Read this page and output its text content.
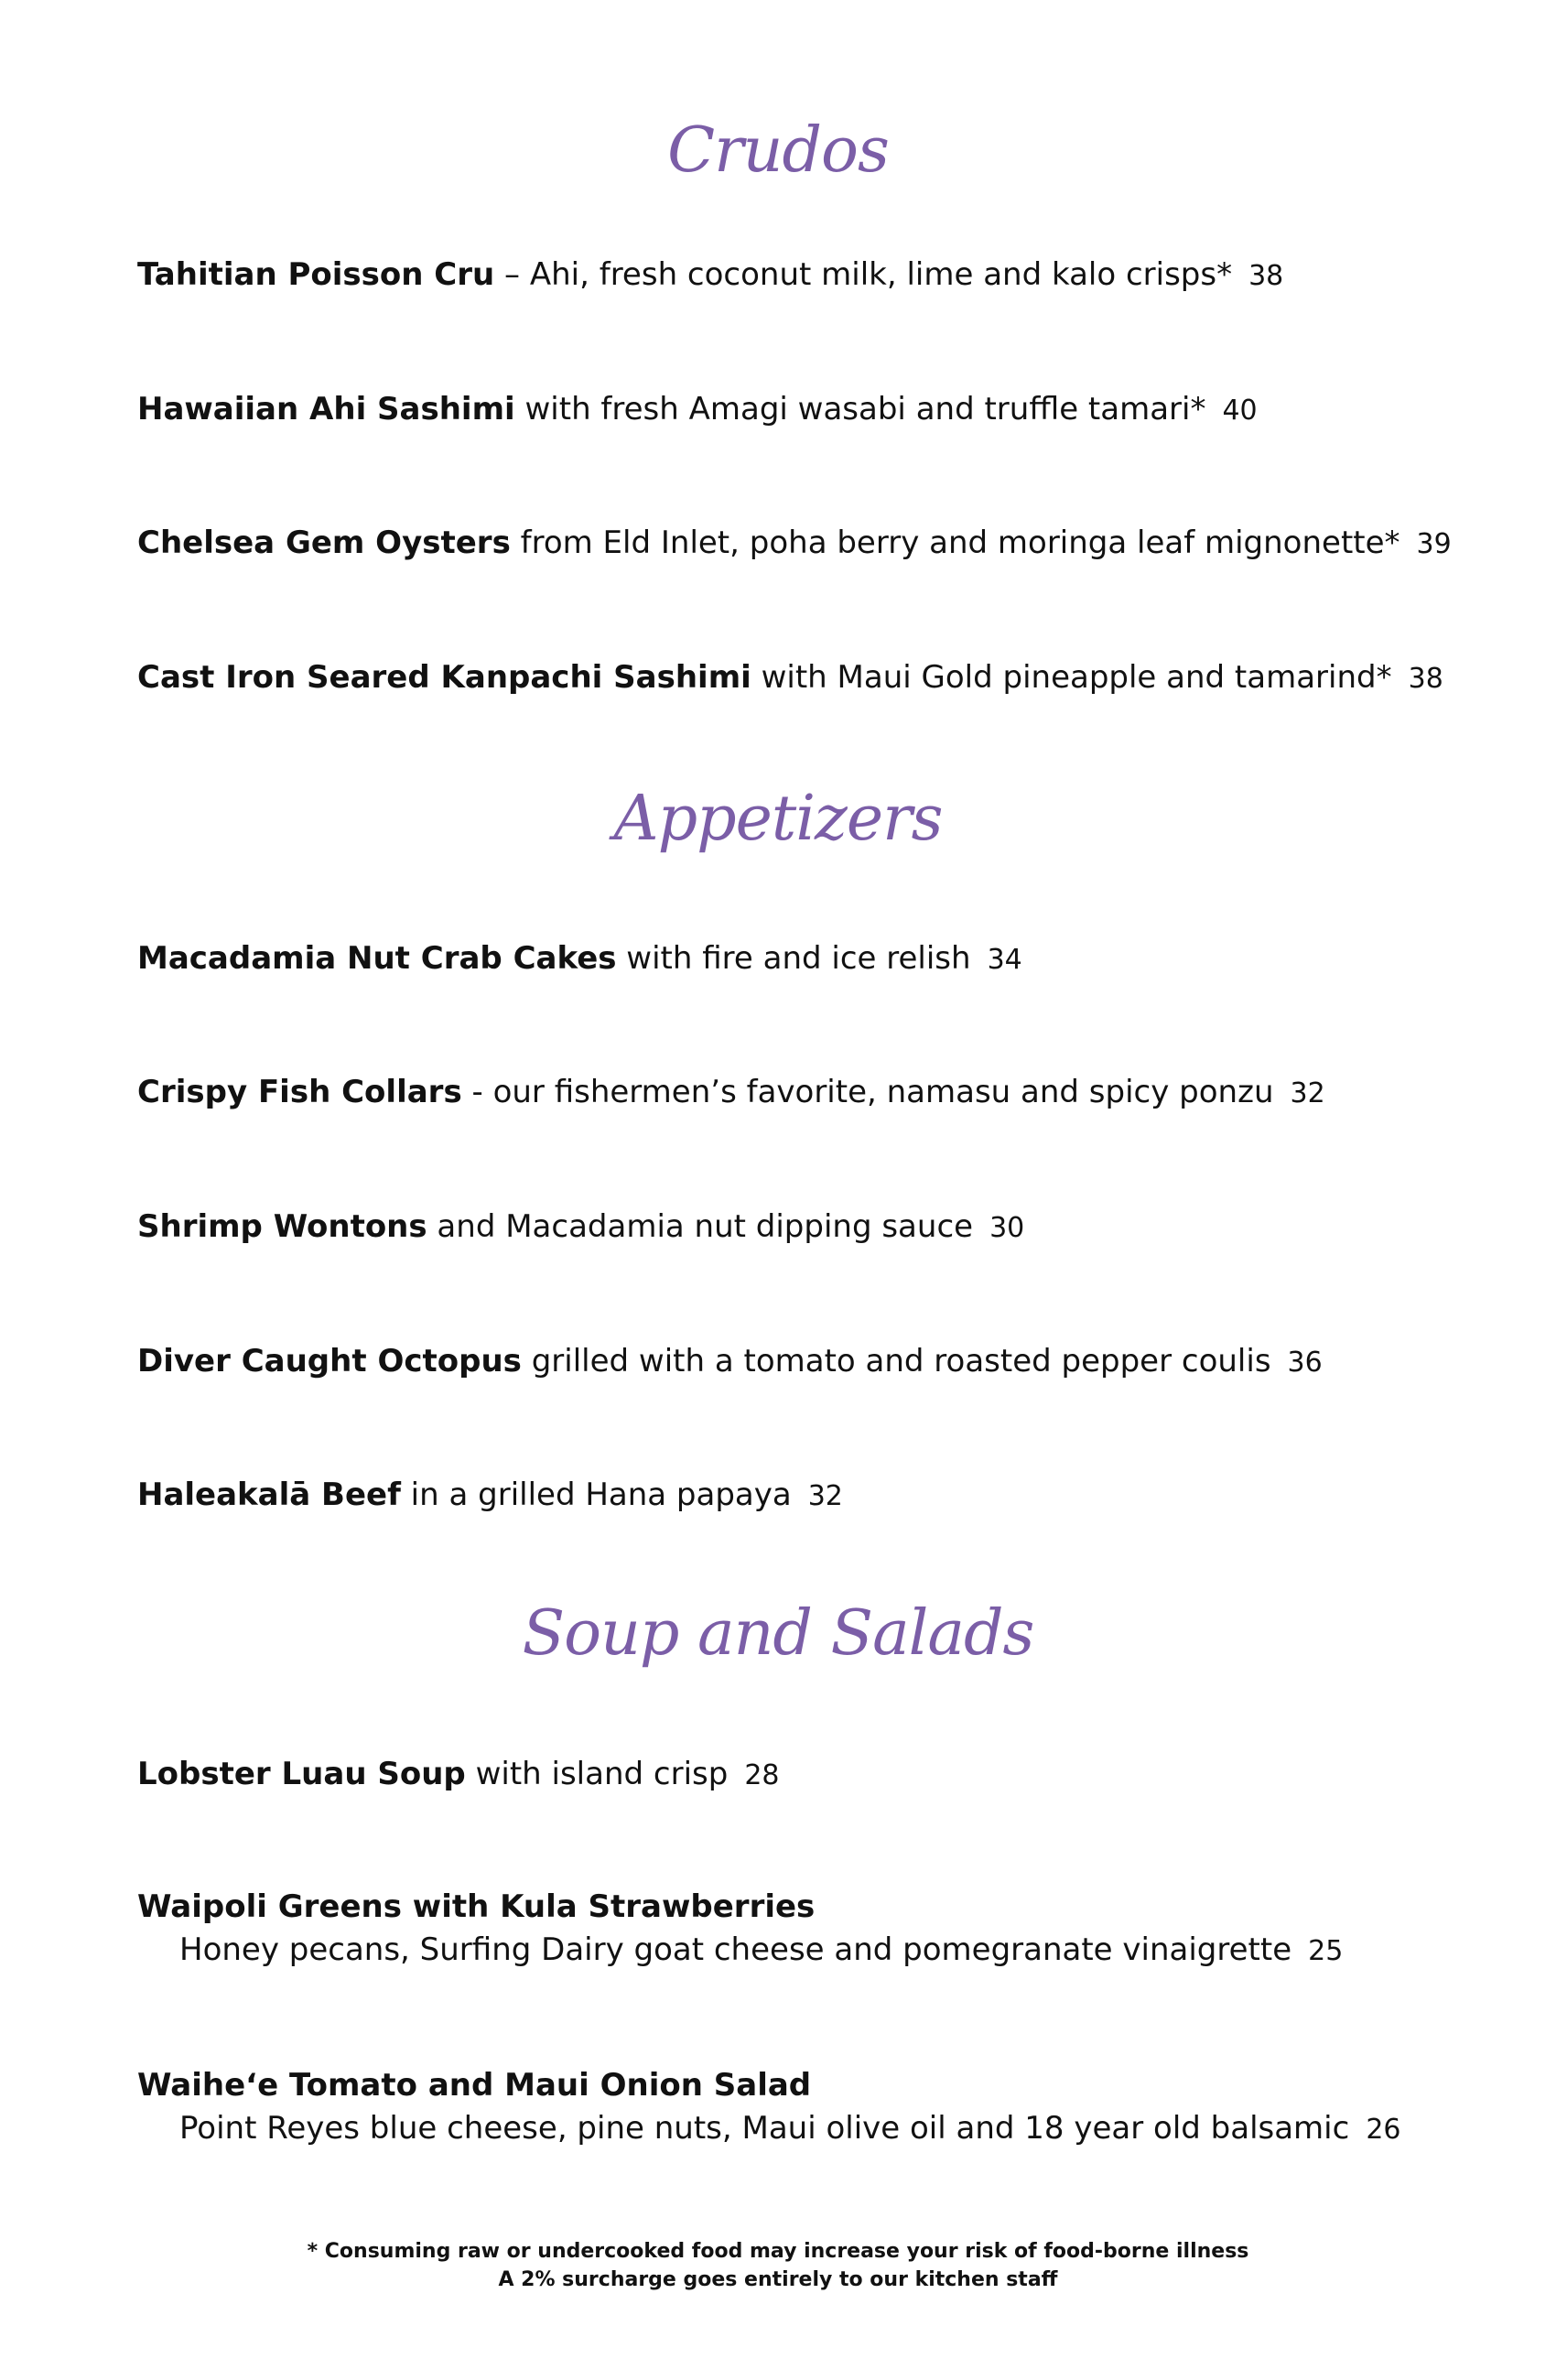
Crudos
Tahitian Poisson Cru – Ahi, fresh coconut milk, lime and kalo crisps* 38
Hawaiian Ahi Sashimi with fresh Amagi wasabi and truffle tamari* 40
Chelsea Gem Oysters from Eld Inlet, poha berry and moringa leaf mignonette* 39
Cast Iron Seared Kanpachi Sashimi with Maui Gold pineapple and tamarind* 38
Appetizers
Macadamia Nut Crab Cakes with fire and ice relish 34
Crispy Fish Collars - our fishermen’s favorite, namasu and spicy ponzu 32
Shrimp Wontons and Macadamia nut dipping sauce 30
Diver Caught Octopus grilled with a tomato and roasted pepper coulis 36
Haleakalā Beef in a grilled Hana papaya 32
Soup and Salads
Lobster Luau Soup with island crisp 28
Waipoli Greens with Kula Strawberries
Honey pecans, Surfing Dairy goat cheese and pomegranate vinaigrette 25
Waihe‘e Tomato and Maui Onion Salad
Point Reyes blue cheese, pine nuts, Maui olive oil and 18 year old balsamic 26
* Consuming raw or undercooked food may increase your risk of food-borne illness
A 2% surcharge goes entirely to our kitchen staff
